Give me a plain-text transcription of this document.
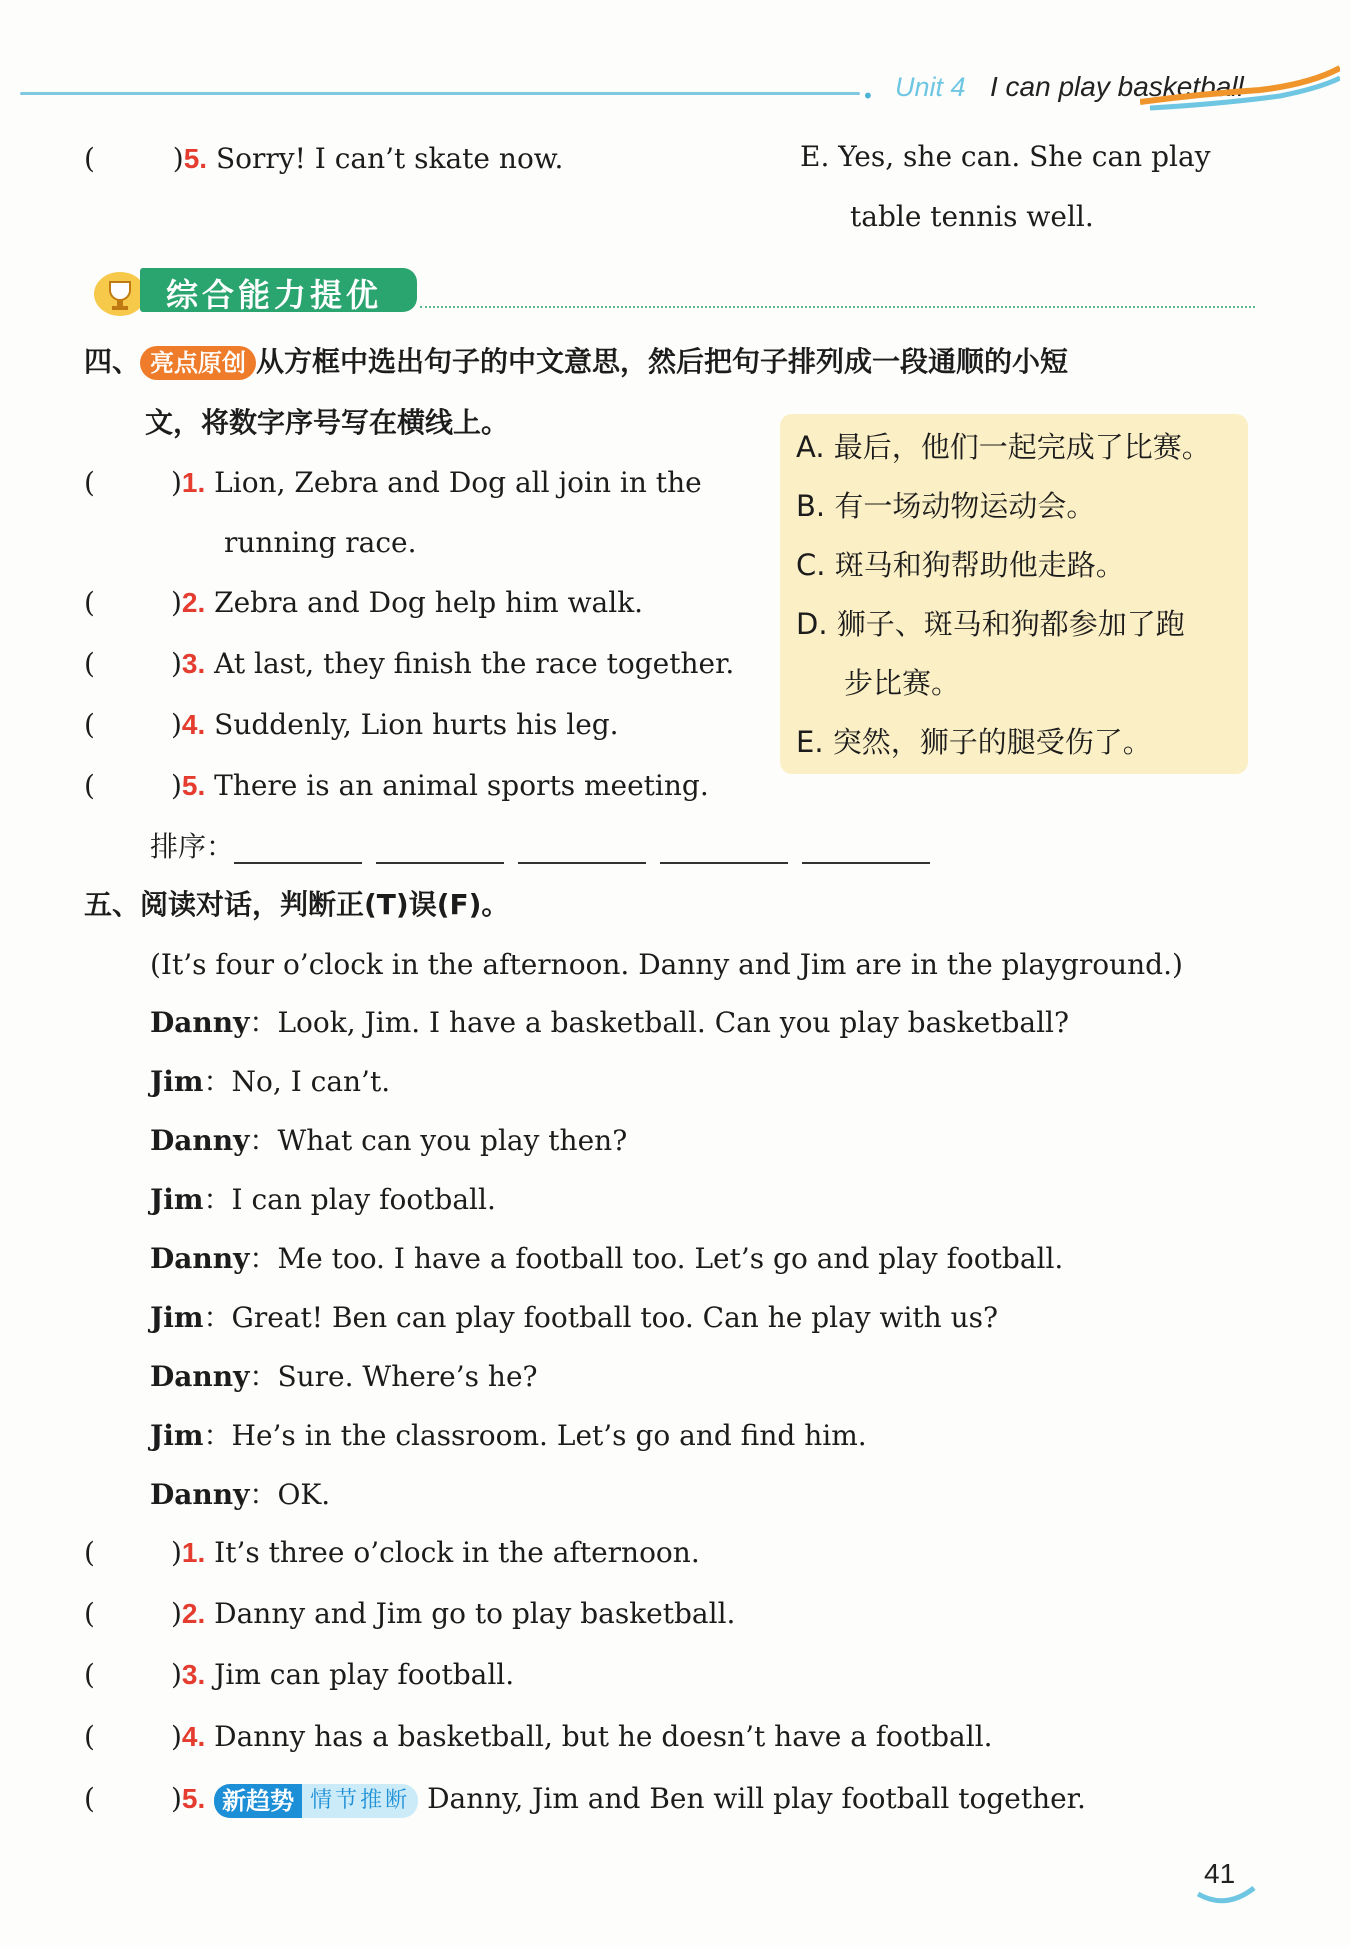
• Unit 4 I can play basketball
(	)5. Sorry! I can’t skate now.	E. Yes, she can. She can play
table tennis well.
综合能力提优
四、 亮点原创 从方框中选出句子的中文意思，然后把句子排列成一段通顺的小短
文，将数字序号写在横线上。
(	)1. Lion, Zebra and Dog all join in the
running race.
(	)2. Zebra and Dog help him walk.
(	)3. At last, they finish the race together.
(	)4. Suddenly, Lion hurts his leg.
(	)5. There is an animal sports meeting.
A. 最后，他们一起完成了比赛。
B. 有一场动物运动会。
C. 斑马和狗帮助他走路。
D. 狮子、斑马和狗都参加了跑
步比赛。
E. 突然，狮子的腿受伤了。
排序：
五、阅读对话，判断正(T)误(F)。
(It’s four o’clock in the afternoon. Danny and Jim are in the playground.)
Danny：Look, Jim. I have a basketball. Can you play basketball?
Jim：No, I can’t.
Danny：What can you play then?
Jim：I can play football.
Danny：Me too. I have a football too. Let’s go and play football.
Jim：Great! Ben can play football too. Can he play with us?
Danny：Sure. Where’s he?
Jim：He’s in the classroom. Let’s go and find him.
Danny：OK.
(	)1. It’s three o’clock in the afternoon.
(	)2. Danny and Jim go to play basketball.
(	)3. Jim can play football.
(	)4. Danny has a basketball, but he doesn’t have a football.
(	)5. 新趋势 情节推断 Danny, Jim and Ben will play football together.
41
